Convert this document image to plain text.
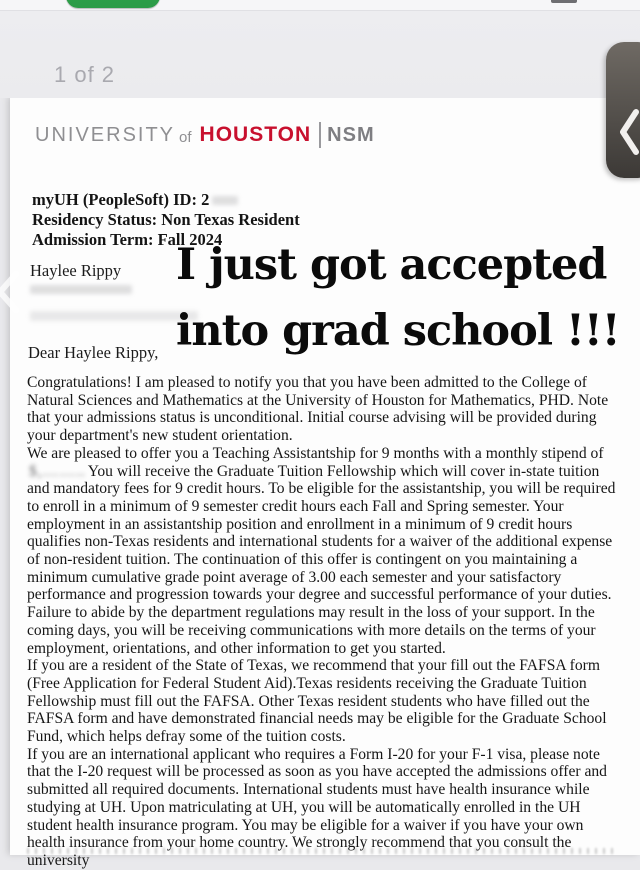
1 of 2
UNIVERSITY of HOUSTON NSM
myUH (PeopleSoft) ID: 2
Residency Status: Non Texas Resident
Admission Term: Fall 2024
Haylee Rippy
Dear Haylee Rippy,

Congratulations! I am pleased to notify you that you have been admitted to the College of Natural Sciences and Mathematics at the University of Houston for Mathematics, PHD. Note that your admissions status is unconditional. Initial course advising will be provided during your department's new student orientation.

We are pleased to offer you a Teaching Assistantship for 9 months with a monthly stipend of$,…….. You will receive the Graduate Tuition Fellowship which will cover in-state tuition and mandatory fees for 9 credit hours. To be eligible for the assistantship, you will be required to enroll in a minimum of 9 semester credit hours each Fall and Spring semester. Your employment in an assistantship position and enrollment in a minimum of 9 credit hours qualifies non-Texas residents and international students for a waiver of the additional expense of non-resident tuition. The continuation of this offer is contingent on you maintaining a minimum cumulative grade point average of 3.00 each semester and your satisfactory performance and progression towards your degree and successful performance of your duties. Failure to abide by the department regulations may result in the loss of your support. In the coming days, you will be receiving communications with more details on the terms of your employment, orientations, and other information to get you started.

If you are a resident of the State of Texas, we recommend that your fill out the FAFSA form (Free Application for Federal Student Aid).Texas residents receiving the Graduate Tuition Fellowship must fill out the FAFSA. Other Texas resident students who have filled out the FAFSA form and have demonstrated financial needs may be eligible for the Graduate School Fund, which helps defray some of the tuition costs.

If you are an international applicant who requires a Form I-20 for your F-1 visa, please note that the I-20 request will be processed as soon as you have accepted the admissions offer and submitted all required documents. International students must have health insurance while studying at UH. Upon matriculating at UH, you will be automatically enrolled in the UH student health insurance program. You may be eligible for a waiver if you have your own health insurance from your home country. We strongly recommend that you consult the university

I just got accepted
into grad school !!!
